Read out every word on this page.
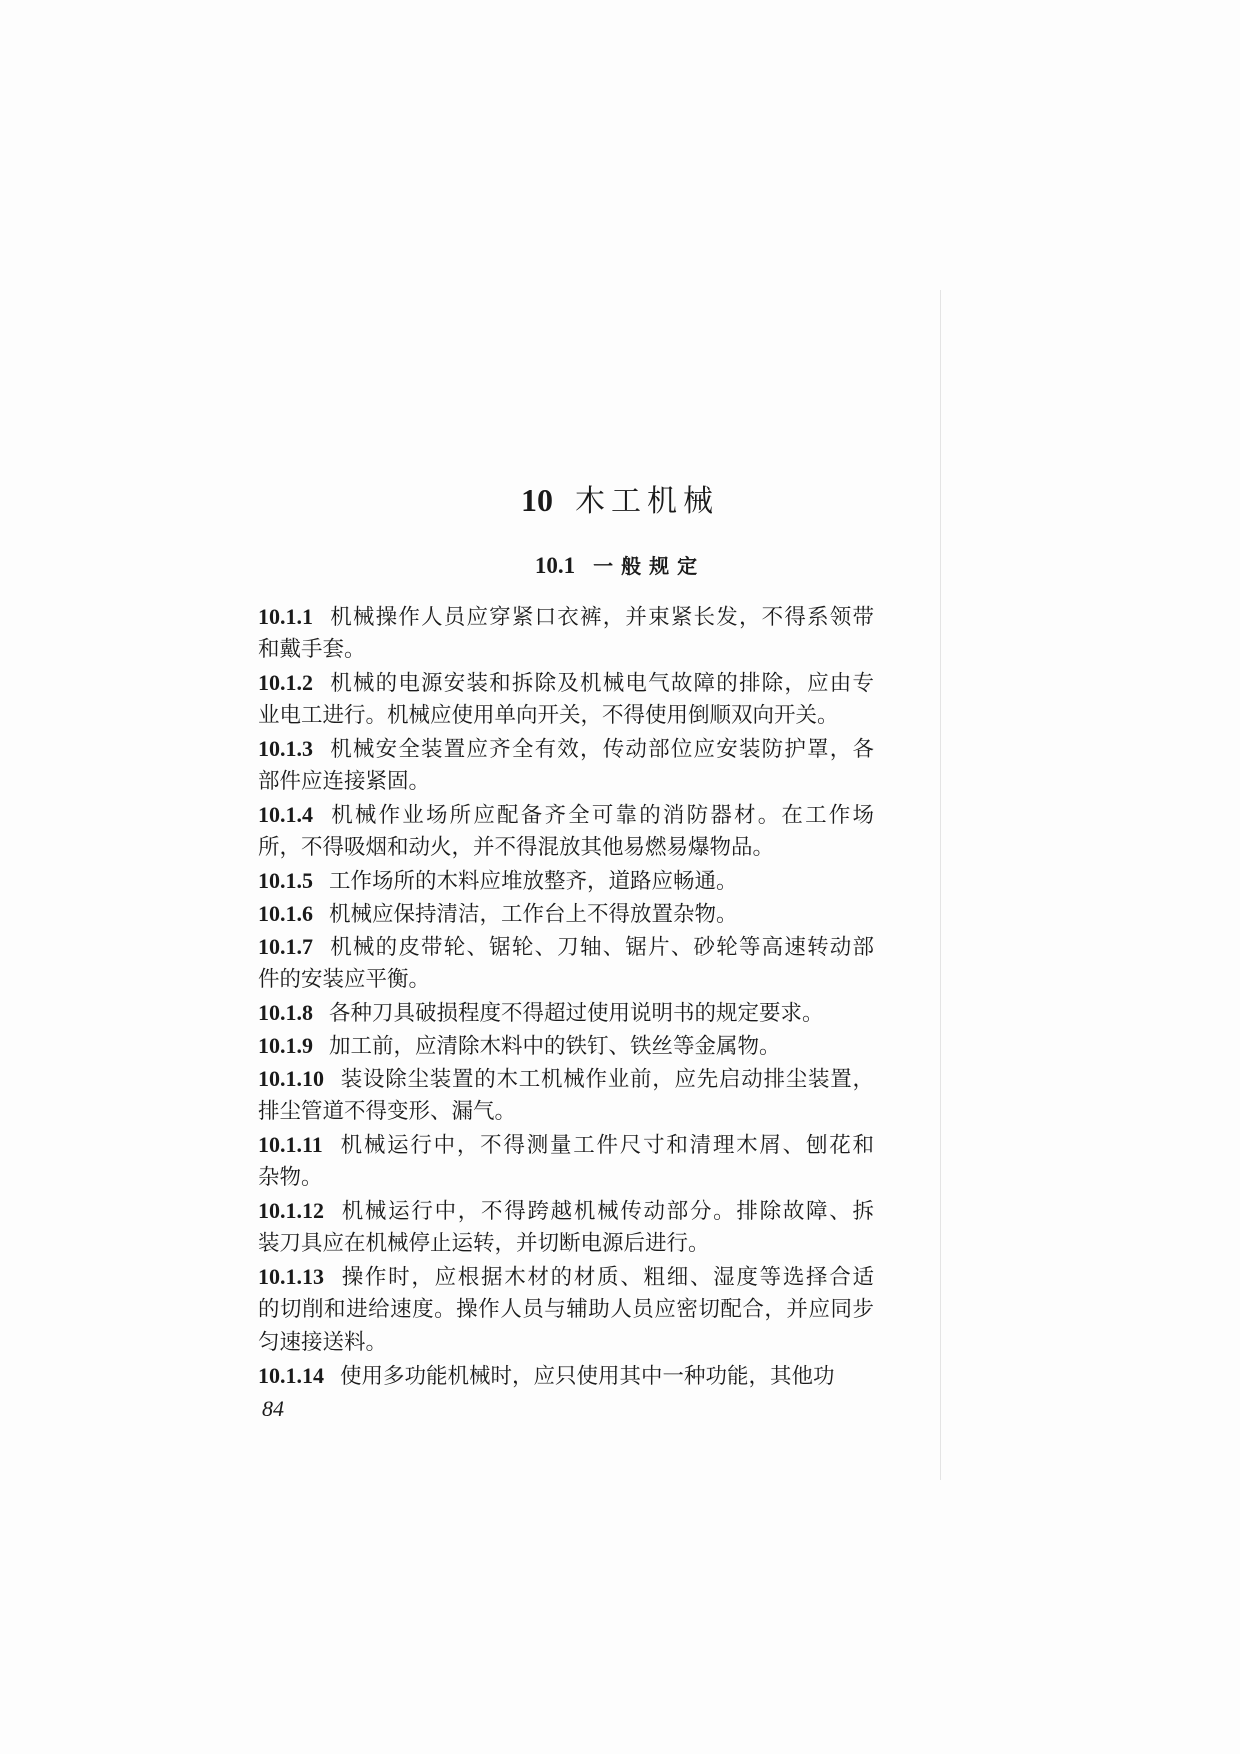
10 木工机械
10.1 一般规定
10.1.1 机械操作人员应穿紧口衣裤，并束紧长发，不得系领带
和戴手套。
10.1.2 机械的电源安装和拆除及机械电气故障的排除，应由专
业电工进行。机械应使用单向开关，不得使用倒顺双向开关。
10.1.3 机械安全装置应齐全有效，传动部位应安装防护罩，各
部件应连接紧固。
10.1.4 机械作业场所应配备齐全可靠的消防器材。在工作场
所，不得吸烟和动火，并不得混放其他易燃易爆物品。
10.1.5 工作场所的木料应堆放整齐，道路应畅通。
10.1.6 机械应保持清洁，工作台上不得放置杂物。
10.1.7 机械的皮带轮、锯轮、刀轴、锯片、砂轮等高速转动部
件的安装应平衡。
10.1.8 各种刀具破损程度不得超过使用说明书的规定要求。
10.1.9 加工前，应清除木料中的铁钉、铁丝等金属物。
10.1.10 装设除尘装置的木工机械作业前，应先启动排尘装置，
排尘管道不得变形、漏气。
10.1.11 机械运行中，不得测量工件尺寸和清理木屑、刨花和
杂物。
10.1.12 机械运行中，不得跨越机械传动部分。排除故障、拆
装刀具应在机械停止运转，并切断电源后进行。
10.1.13 操作时，应根据木材的材质、粗细、湿度等选择合适
的切削和进给速度。操作人员与辅助人员应密切配合，并应同步
匀速接送料。
10.1.14 使用多功能机械时，应只使用其中一种功能，其他功
84
